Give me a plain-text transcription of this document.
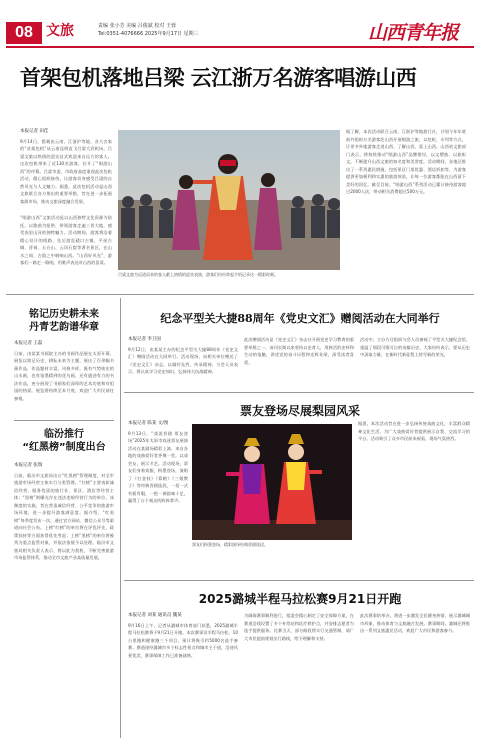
08 文旅	责编 张小芳 美编 吕俊斌 校对 王蓉
Tel:0351-4076666 2025年9月17日 星期三	山西青年报
首架包机落地吕梁 云江浙万名游客唱游山西
本报记者 田佳
9月14日，搭载由云南、江浙沪等地、各大名家的“首架包机”从云南昆明直飞吕梁大武机场，吕梁文旅以热情的迎宾仪式欢迎来自远方的客人。这次包机带来了近130名游客，拉开了“唱游山西”的序幕。吕梁市委、市政府高度重视此次包机活动，精心组织接待，让游客切身感受吕梁的自然风光与人文魅力。据悉，此次包机活动是山西文旅联合各方推出的重要举措，旨在进一步拓展客源市场，推动文旅深度融合发展。
吕梁文旅为远道而来的客人献上热情的迎宾表演，游客们纷纷拿起手机记录这一精彩时刻。
据了解，本次活动联合云南、江浙沪等地旅行社，计划今年年底前共组织万名游客赴山西开展唱游之旅，以包机、专列等方式，让更多外地游客走进山西、了解山西、爱上山西。山西省文旅部门表示，将持续推动“唱游山西”品牌建设，以文塑旅、以旅彰文，不断提升山西文旅的知名度和美誉度。活动期间，各地还推出了一系列惠民措施，包括景区门票优惠、酒店折扣等，为游客提供更加便利和实惠的旅游体验，让每一位游客都能在山西留下美好的回忆。截至目前，“唱游山西”系列活动已累计接待游客超过2000人次，带动相关消费超过500万元。
“唱游山西”文旅活动是以山西独特文化资源为依托，以歌曲为纽带，带领游客走遍三晋大地，感受表里山河的独特魅力。活动期间，游客将沿着精心设计的线路，先后游览碛口古镇、平遥古城、晋祠、五台山、云冈石窟等著名景区，在山水之间、古韵之中唱响山西。“山西好风光”，游客们一路走一路唱，用歌声表达对山西的喜爱。
铭记历史耕未来
丹青艺韵谱华章
本报记者 王磊
日前，由某某书画院主办的书画作品展在太原开幕。展览以铭记历史、耕耘未来为主题，展出了百余幅书画作品，作品题材丰富，风格多样，既有气势恢宏的山水画，也有笔墨精到的花鸟画，还有遒劲有力的书法作品，充分展现了书画家们深厚的艺术功底和对祖国的热爱。展览将持续至本月底，欢迎广大市民前往参观。
临汾推行
“红黑榜”制度出台
本报记者 张瑞
日前，临汾市文旅局出台“红黑榜”管理制度，对全市旅游市场经营主体实行分类管理。“红榜”主要表彰诚信经营、服务优质的旅行社、景区、酒店等经营主体；“黑榜”则曝光存在违法违规经营行为的单位。该制度的实施，旨在营造诚信经营、公平竞争的旅游市场环境，进一步提升游客满意度。据介绍，“红黑榜”每季度发布一次，通过官方网站、微信公众号等渠道向社会公布。上榜“红榜”的单位将在评优评先、政策扶持等方面获得优先考虑；上榜“黑榜”的单位将被列为重点监管对象，并依法依规予以处理。临汾市文旅局相关负责人表示，将以此为契机，不断完善旅游市场监管体系，推动全市文旅产业高质量发展。
纪念平型关大捷88周年《党史文汇》赠阅活动在大同举行
本报记者 李卫国
9月12日，由某某主办的纪念平型关大捷88周年《党史文汇》赠阅活动在大同举行。活动现场，向相关单位赠送了《党史文汇》杂志，以缅怀先烈、传承精神。与会人员表示，将认真学习党史知识，弘扬伟大抗战精神。
此次赠阅活动是《党史文汇》杂志社开展党史学习教育的重要举措之一。该刊长期以来坚持以史育人，用鲜活的史料和生动的笔触，讲述党的奋斗历程和光辉业绩，深受读者喜爱。
活动中，主办方还组织与会人员参观了平型关大捷纪念馆，重温了那段可歌可泣的英雄历史。大家纷纷表示，要从历史中汲取力量，在新时代新征程上续写新的荣光。
票友登场尽展梨园风采
本报记者 陈某 文/图
9月13日，“戏说晋剧 票友登场”2025年太原市戏迷票友展演活动在某剧场精彩上演。来自各地的戏曲爱好者齐聚一堂，以戏会友，展示才艺。活动现场，票友们身着戏服，粉墨登场，演唱了《打金枝》《算粮》《三娘教子》等经典晋剧选段，一招一式有板有眼，一腔一调韵味十足，赢得了台下观众的阵阵掌声。
票友们粉墨登场，精彩演绎经典晋剧选段。
据悉，本次活动旨在进一步弘扬传统戏曲文化，丰富群众精神文化生活，为广大戏曲爱好者提供展示自我、交流学习的平台。活动吸引了众多市民前来观看，现场气氛热烈。
2025潞城半程马拉松赛9月21日开跑
本报记者 刘某 通讯员 魏某
9月16日上午，记者从潞城市体育部门获悉，2025潞城半程马拉松赛将于9月21日开跑。本次赛事设半程马拉松、10公里跑和健康跑三个项目，预计将吸引约5000名选手参赛。赛道途经潞城市多个标志性景点和城市主干道，沿途风景优美，赛事保障工作已准备就绪。
为确保赛事顺利进行，组委会精心制定了安全保障方案，在赛道沿线设置了多个补给站和医疗救护点，并安排志愿者为选手提供服务。比赛当天，部分路段将实行交通管制，请广大市民提前规划出行路线，给予理解和支持。
此次赛事的举办，将进一步激发全民健身热情，展示潞城城市形象，推动体育与文旅融合发展。赛事期间，潞城还将推出一系列文旅惠民活动，欢迎广大市民和游客参与。
